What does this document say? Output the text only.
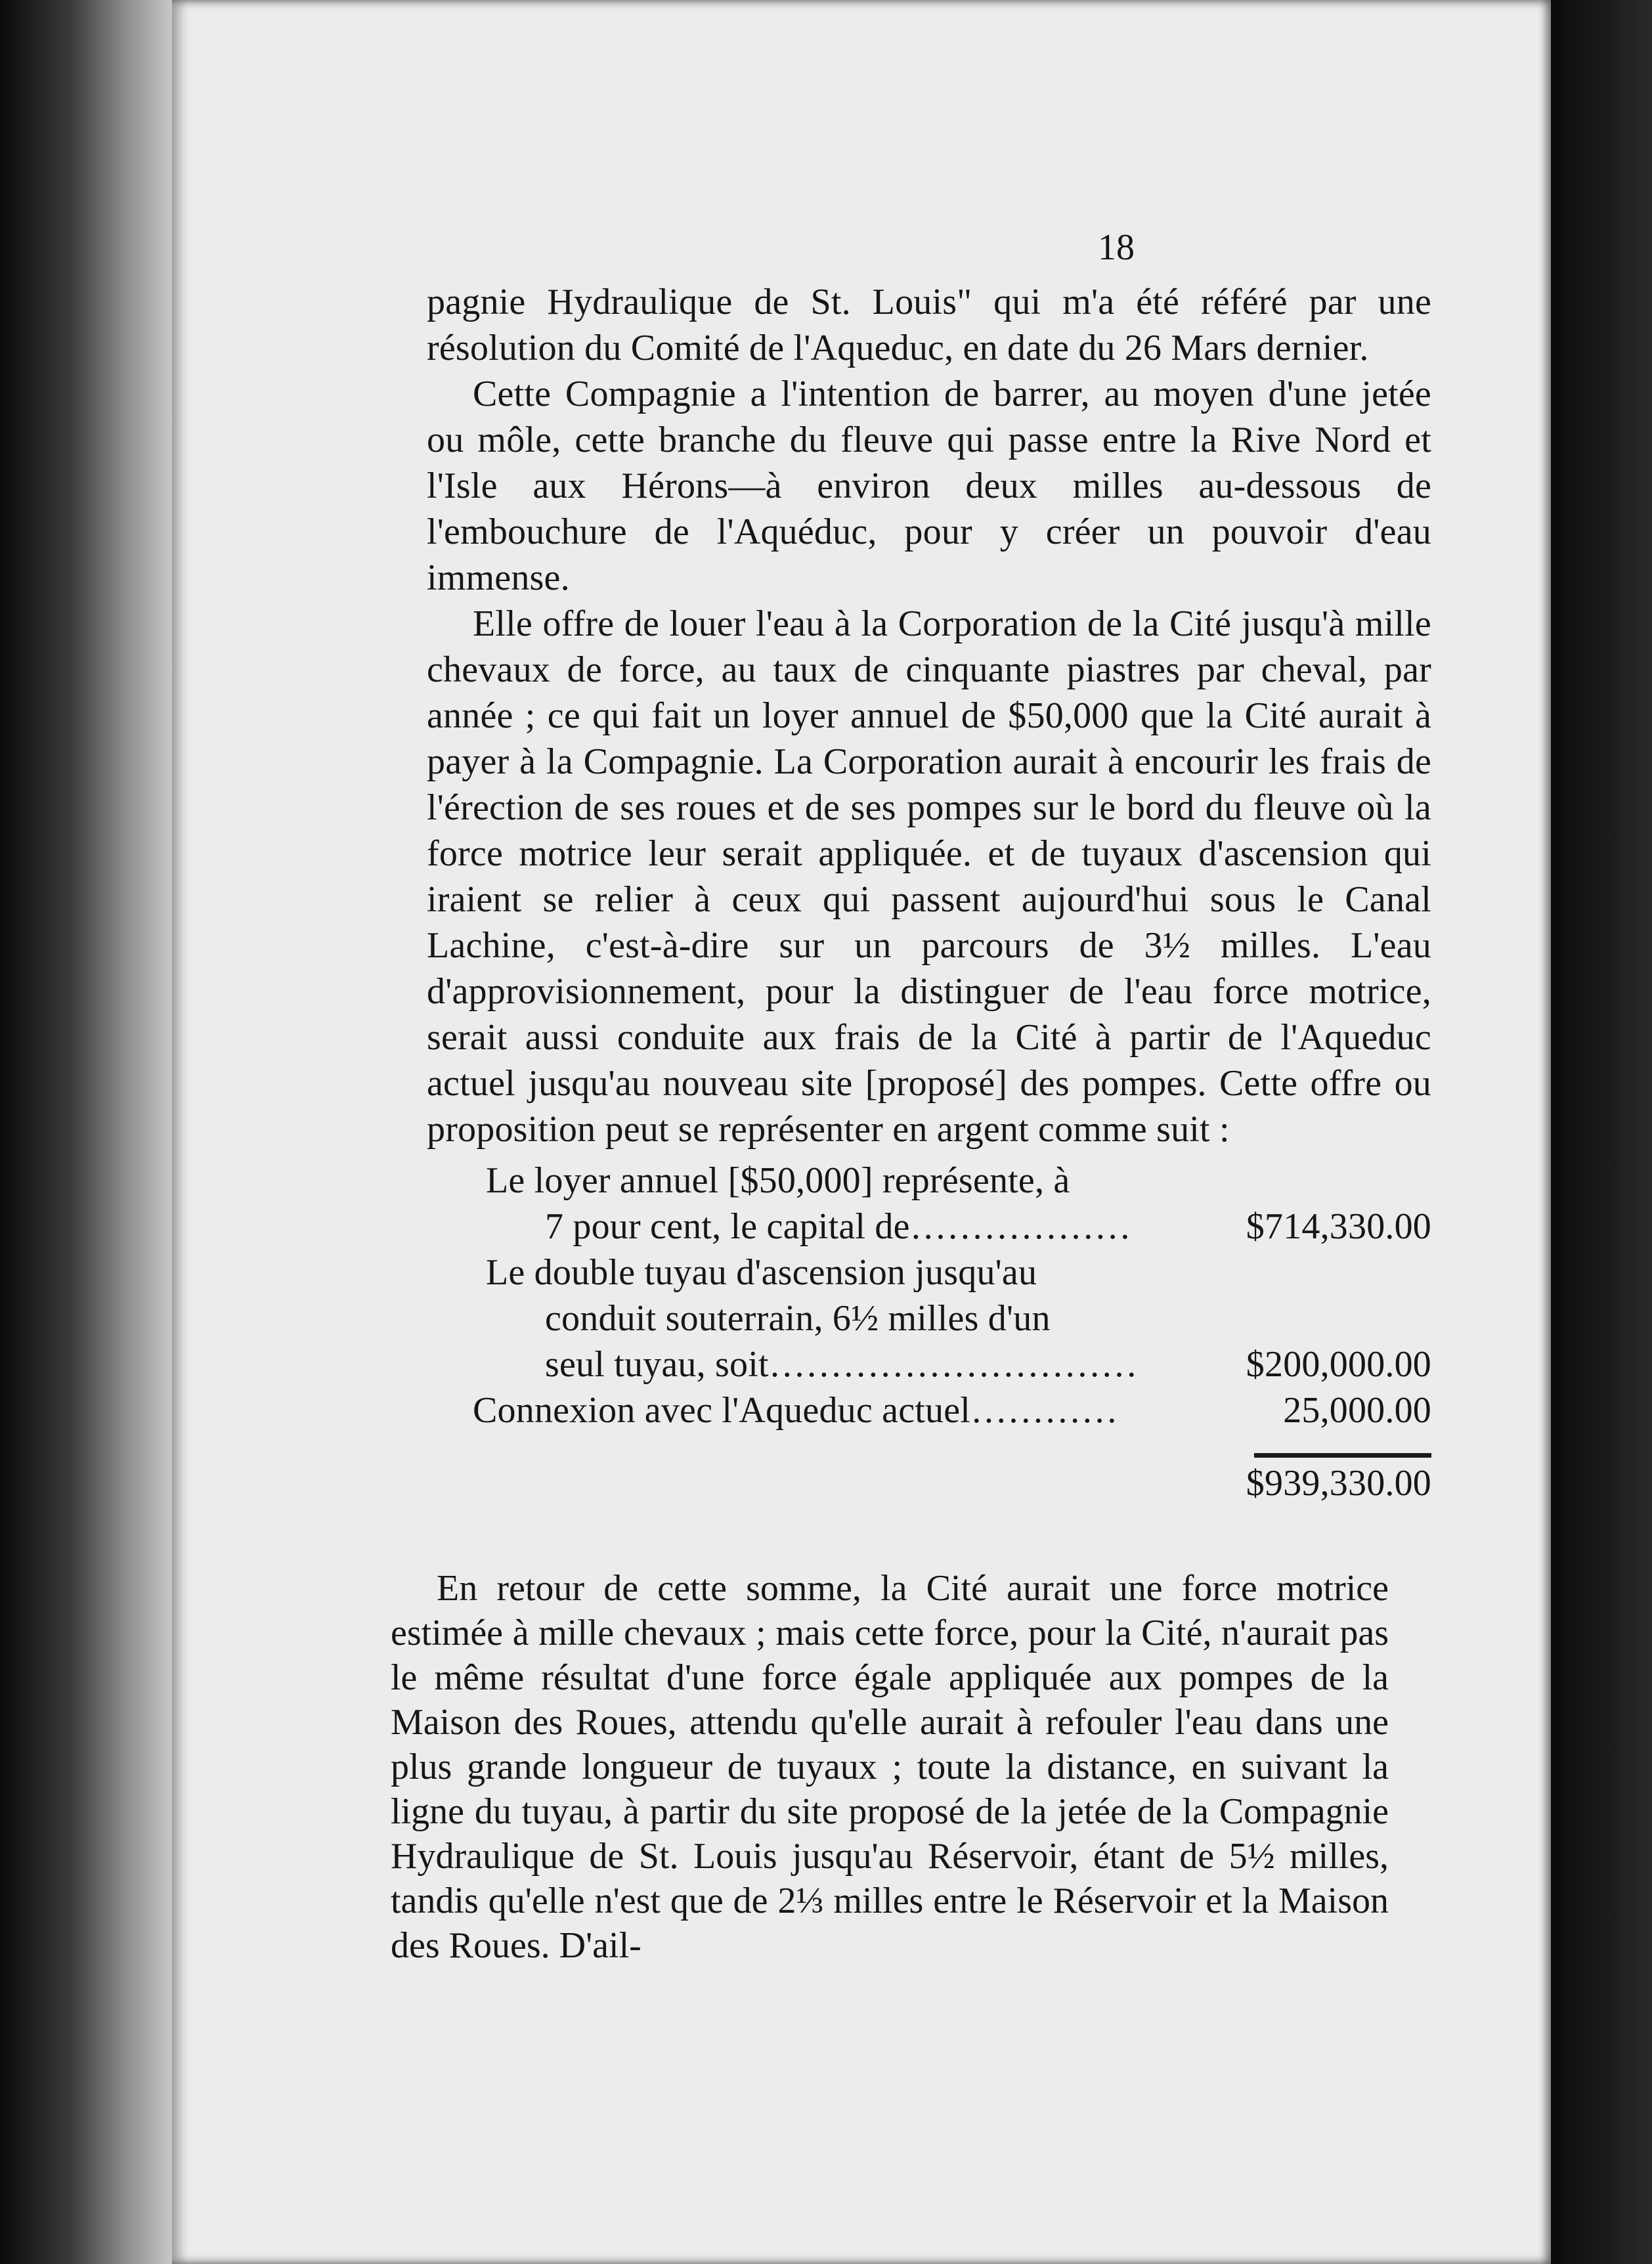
18

pagnie Hydraulique de St. Louis" qui m'a été référé par une résolution du Comité de l'Aqueduc, en date du 26 Mars dernier.

Cette Compagnie a l'intention de barrer, au moyen d'une jetée ou môle, cette branche du fleuve qui passe entre la Rive Nord et l'Isle aux Hérons—à environ deux milles au-dessous de l'embouchure de l'Aquéduc, pour y créer un pouvoir d'eau immense.

Elle offre de louer l'eau à la Corporation de la Cité jusqu'à mille chevaux de force, au taux de cinquante piastres par cheval, par année ; ce qui fait un loyer annuel de $50,000 que la Cité aurait à payer à la Compagnie. La Corporation aurait à encourir les frais de l'érection de ses roues et de ses pompes sur le bord du fleuve où la force motrice leur serait appliquée. et de tuyaux d'ascension qui iraient se relier à ceux qui passent aujourd'hui sous le Canal Lachine, c'est-à-dire sur un parcours de 3½ milles. L'eau d'approvisionnement, pour la distinguer de l'eau force motrice, serait aussi conduite aux frais de la Cité à partir de l'Aqueduc actuel jusqu'au nouveau site [proposé] des pompes. Cette offre ou proposition peut se représenter en argent comme suit :

Le loyer annuel [$50,000] représente, à
7 pour cent, le capital de………………	$714,330.00
Le double tuyau d'ascension jusqu'au
conduit souterrain, 6½ milles d'un
seul tuyau, soit…………………………	$200,000.00
Connexion avec l'Aqueduc actuel…………	25,000.00
$939,330.00

En retour de cette somme, la Cité aurait une force motrice estimée à mille chevaux ; mais cette force, pour la Cité, n'aurait pas le même résultat d'une force égale appliquée aux pompes de la Maison des Roues, attendu qu'elle aurait à refouler l'eau dans une plus grande longueur de tuyaux ; toute la distance, en suivant la ligne du tuyau, à partir du site proposé de la jetée de la Compagnie Hydraulique de St. Louis jusqu'au Réservoir, étant de 5½ milles, tandis qu'elle n'est que de 2⅓ milles entre le Réservoir et la Maison des Roues. D'ail-
